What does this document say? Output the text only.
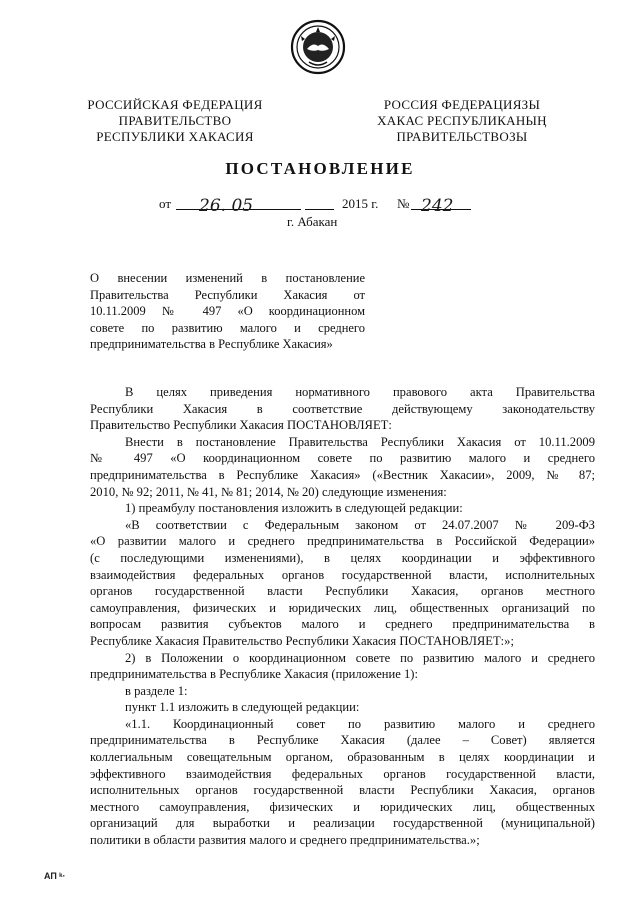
РОССИЙСКАЯ ФЕДЕРАЦИЯ
ПРАВИТЕЛЬСТВО
РЕСПУБЛИКИ ХАКАСИЯ
РОССИЯ ФЕДЕРАЦИЯЗЫ
ХАКАС РЕСПУБЛИКАНЫҢ
ПРАВИТЕЛЬСТВОЗЫ
ПОСТАНОВЛЕНИЕ
от 26. 05	2015 г. № 242
г. Абакан
О внесении изменений в постановление
Правительства Республики Хакасия от
10.11.2009 № 497 «О координационном
совете по развитию малого и среднего
предпринимательства в Республике Хакасия»
В целях приведения нормативного правового акта Правительства
Республики Хакасия в соответствие действующему законодательству
Правительство Республики Хакасия ПОСТАНОВЛЯЕТ:
Внести в постановление Правительства Республики Хакасия от 10.11.2009
№ 497 «О координационном совете по развитию малого и среднего
предпринимательства в Республике Хакасия» («Вестник Хакасии», 2009, № 87;
2010, № 92; 2011, № 41, № 81; 2014, № 20) следующие изменения:
1) преамбулу постановления изложить в следующей редакции:
«В соответствии с Федеральным законом от 24.07.2007 № 209-ФЗ
«О развитии малого и среднего предпринимательства в Российской Федерации»
(с последующими изменениями), в целях координации и эффективного
взаимодействия федеральных органов государственной власти, исполнительных
органов государственной власти Республики Хакасия, органов местного
самоуправления, физических и юридических лиц, общественных организаций по
вопросам развития субъектов малого и среднего предпринимательства в
Республике Хакасия Правительство Республики Хакасия ПОСТАНОВЛЯЕТ:»;
2) в Положении о координационном совете по развитию малого и среднего
предпринимательства в Республике Хакасия (приложение 1):
в разделе 1:
пункт 1.1 изложить в следующей редакции:
«1.1. Координационный совет по развитию малого и среднего
предпринимательства в Республике Хакасия (далее – Совет) является
коллегиальным совещательным органом, образованным в целях координации и
эффективного взаимодействия федеральных органов государственной власти,
исполнительных органов государственной власти Республики Хакасия, органов
местного самоуправления, физических и юридических лиц, общественных
организаций для выработки и реализации государственной (муниципальной)
политики в области развития малого и среднего предпринимательства.»;
АП ᵏ·
